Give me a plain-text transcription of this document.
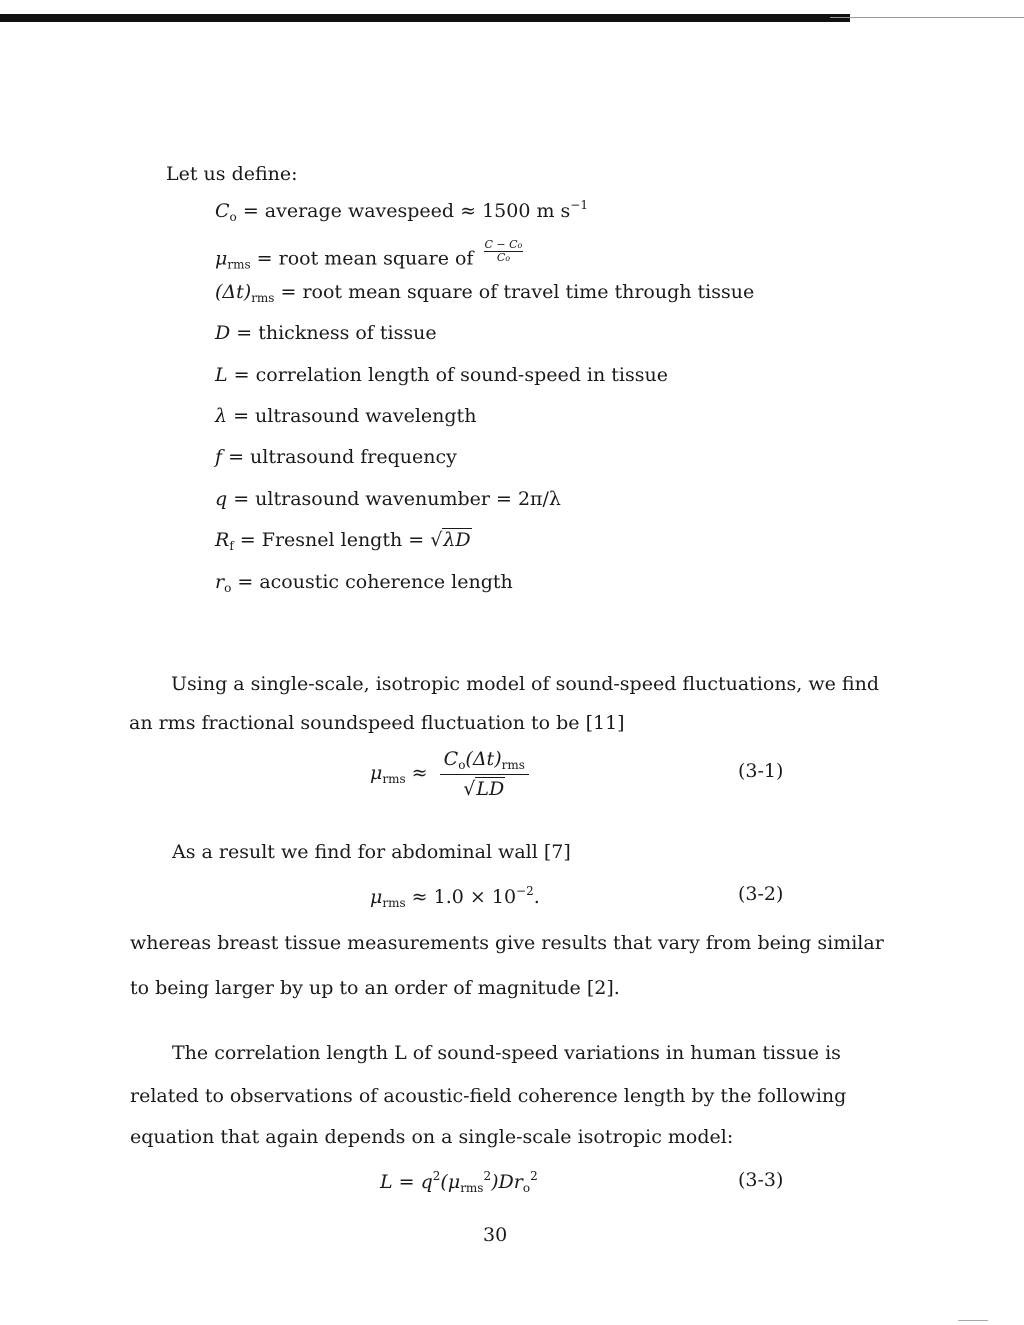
Let us define:
$C_o$ = average wavespeed ≈ 1500 m $s^{-1}$
$\mu_{rms}$ = root mean square of $\frac{C - Co}{Co}$
$(\Delta t)_{rms}$ = root mean square of travel time through tissue
D = thickness of tissue
L = correlation length of sound-speed in tissue
λ = ultrasound wavelength
f = ultrasound frequency
q = ultrasound wavenumber = 2π/λ
$R_f$ = Fresnel length = √λD
$r_o$ = acoustic coherence length
Using a single-scale, isotropic model of sound-speed fluctuations, we find
an rms fractional soundspeed fluctuation to be [11]
$\mu_{rms} \approx \frac{C_o(\Delta t)_{rms}}{√LD}$	(3-1)
As a result we find for abdominal wall [7]
$\mu_{rms} \approx 1.0 \times 10^{-2}$.	(3-2)
whereas breast tissue measurements give results that vary from being similar
to being larger by up to an order of magnitude [2].
The correlation length L of sound-speed variations in human tissue is
related to observations of acoustic-field coherence length by the following
equation that again depends on a single-scale isotropic model:
$L = q^2(\mu_{rms}^2)Dr_o^2$	(3-3)
30
